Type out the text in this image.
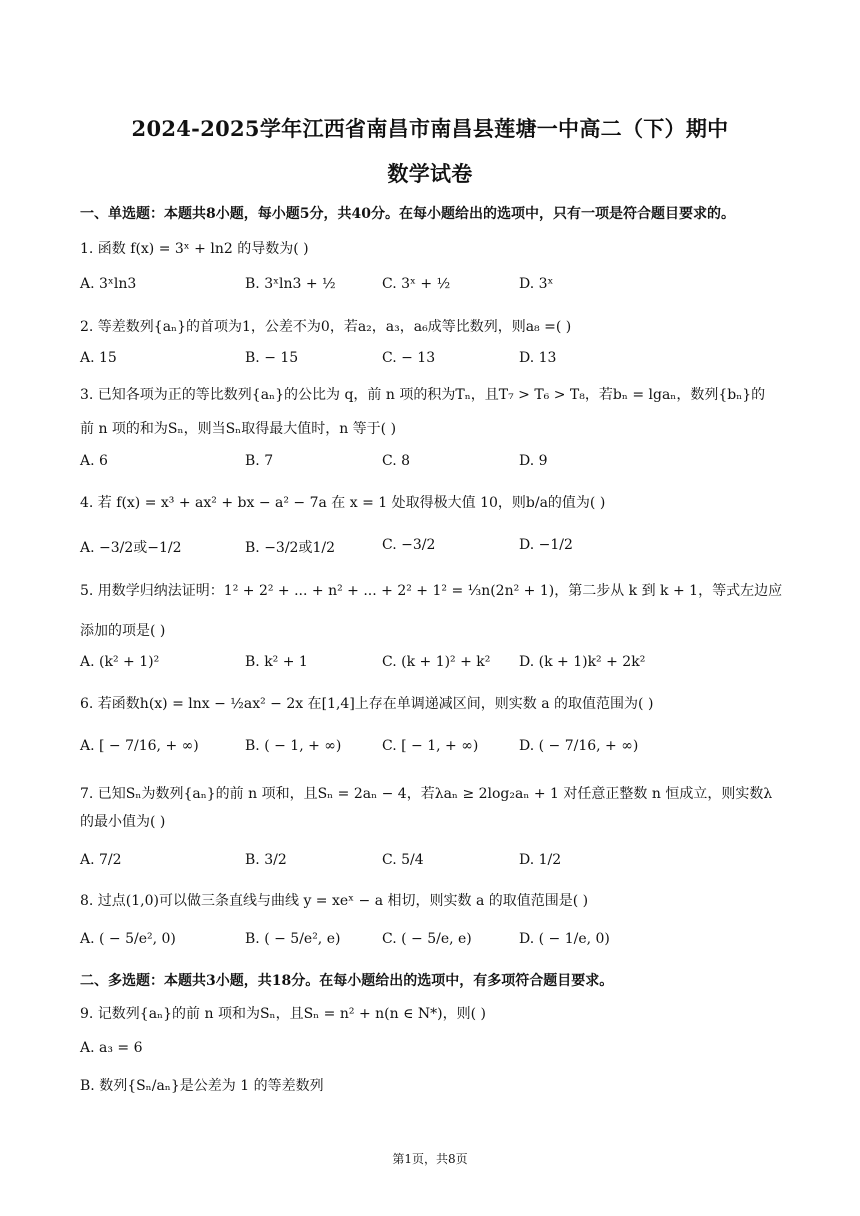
2024-2025学年江西省南昌市南昌县莲塘一中高二（下）期中
数学试卷
一、单选题：本题共8小题，每小题5分，共40分。在每小题给出的选项中，只有一项是符合题目要求的。
1. 函数 f(x) = 3ˣ + ln2 的导数为( )
A. 3ˣln3	B. 3ˣln3 + ½	C. 3ˣ + ½	D. 3ˣ
2. 等差数列{aₙ}的首项为1，公差不为0，若a₂，a₃，a₆成等比数列，则a₈ =( )
A. 15	B. − 15	C. − 13	D. 13
3. 已知各项为正的等比数列{aₙ}的公比为 q，前 n 项的积为Tₙ，且T₇ > T₆ > T₈，若bₙ = lgaₙ，数列{bₙ}的
前 n 项的和为Sₙ，则当Sₙ取得最大值时，n 等于( )
A. 6	B. 7	C. 8	D. 9
4. 若 f(x) = x³ + ax² + bx − a² − 7a 在 x = 1 处取得极大值 10，则b/a的值为( )
A. −3/2或−1/2	B. −3/2或1/2	C. −3/2	D. −1/2
5. 用数学归纳法证明：1² + 2² + ... + n² + ... + 2² + 1² = ⅓n(2n² + 1)，第二步从 k 到 k + 1，等式左边应
添加的项是( )
A. (k² + 1)²	B. k² + 1	C. (k + 1)² + k² D. (k + 1)k² + 2k²
6. 若函数h(x) = lnx − ½ax² − 2x 在[1,4]上存在单调递减区间，则实数 a 的取值范围为( )
A. [ − 7/16, + ∞)	B. ( − 1, + ∞)	C. [ − 1, + ∞)	D. ( − 7/16, + ∞)
7. 已知Sₙ为数列{aₙ}的前 n 项和，且Sₙ = 2aₙ − 4，若λaₙ ≥ 2log₂aₙ + 1 对任意正整数 n 恒成立，则实数λ
的最小值为( )
A. 7/2	B. 3/2	C. 5/4	D. 1/2
8. 过点(1,0)可以做三条直线与曲线 y = xeˣ − a 相切，则实数 a 的取值范围是( )
A. ( − 5/e², 0)	B. ( − 5/e², e)	C. ( − 5/e, e)	D. ( − 1/e, 0)
二、多选题：本题共3小题，共18分。在每小题给出的选项中，有多项符合题目要求。
9. 记数列{aₙ}的前 n 项和为Sₙ，且Sₙ = n² + n(n ∈ N*)，则( )
A. a₃ = 6
B. 数列{Sₙ/aₙ}是公差为 1 的等差数列
第1页，共8页
